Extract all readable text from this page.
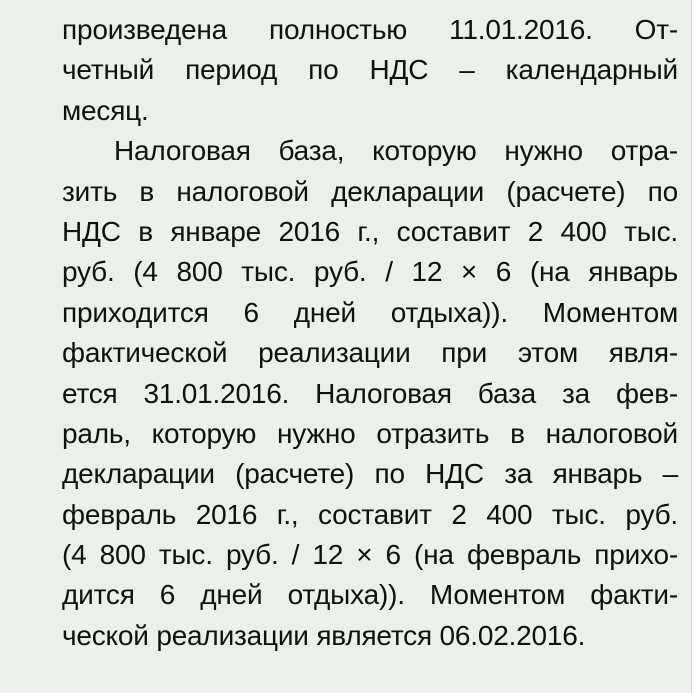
произведена полностью 11.01.2016. От-
четный период по НДС – календарный
месяц.
Налоговая база, которую нужно отра-
зить в налоговой декларации (расчете) по
НДС в январе 2016 г., составит 2 400 тыс.
руб. (4 800 тыс. руб. / 12 × 6 (на январь
приходится 6 дней отдыха)). Моментом
фактической реализации при этом явля-
ется 31.01.2016. Налоговая база за фев-
раль, которую нужно отразить в налоговой
декларации (расчете) по НДС за январь –
февраль 2016 г., составит 2 400 тыс. руб.
(4 800 тыс. руб. / 12 × 6 (на февраль прихо-
дится 6 дней отдыха)). Моментом факти-
ческой реализации является 06.02.2016.
